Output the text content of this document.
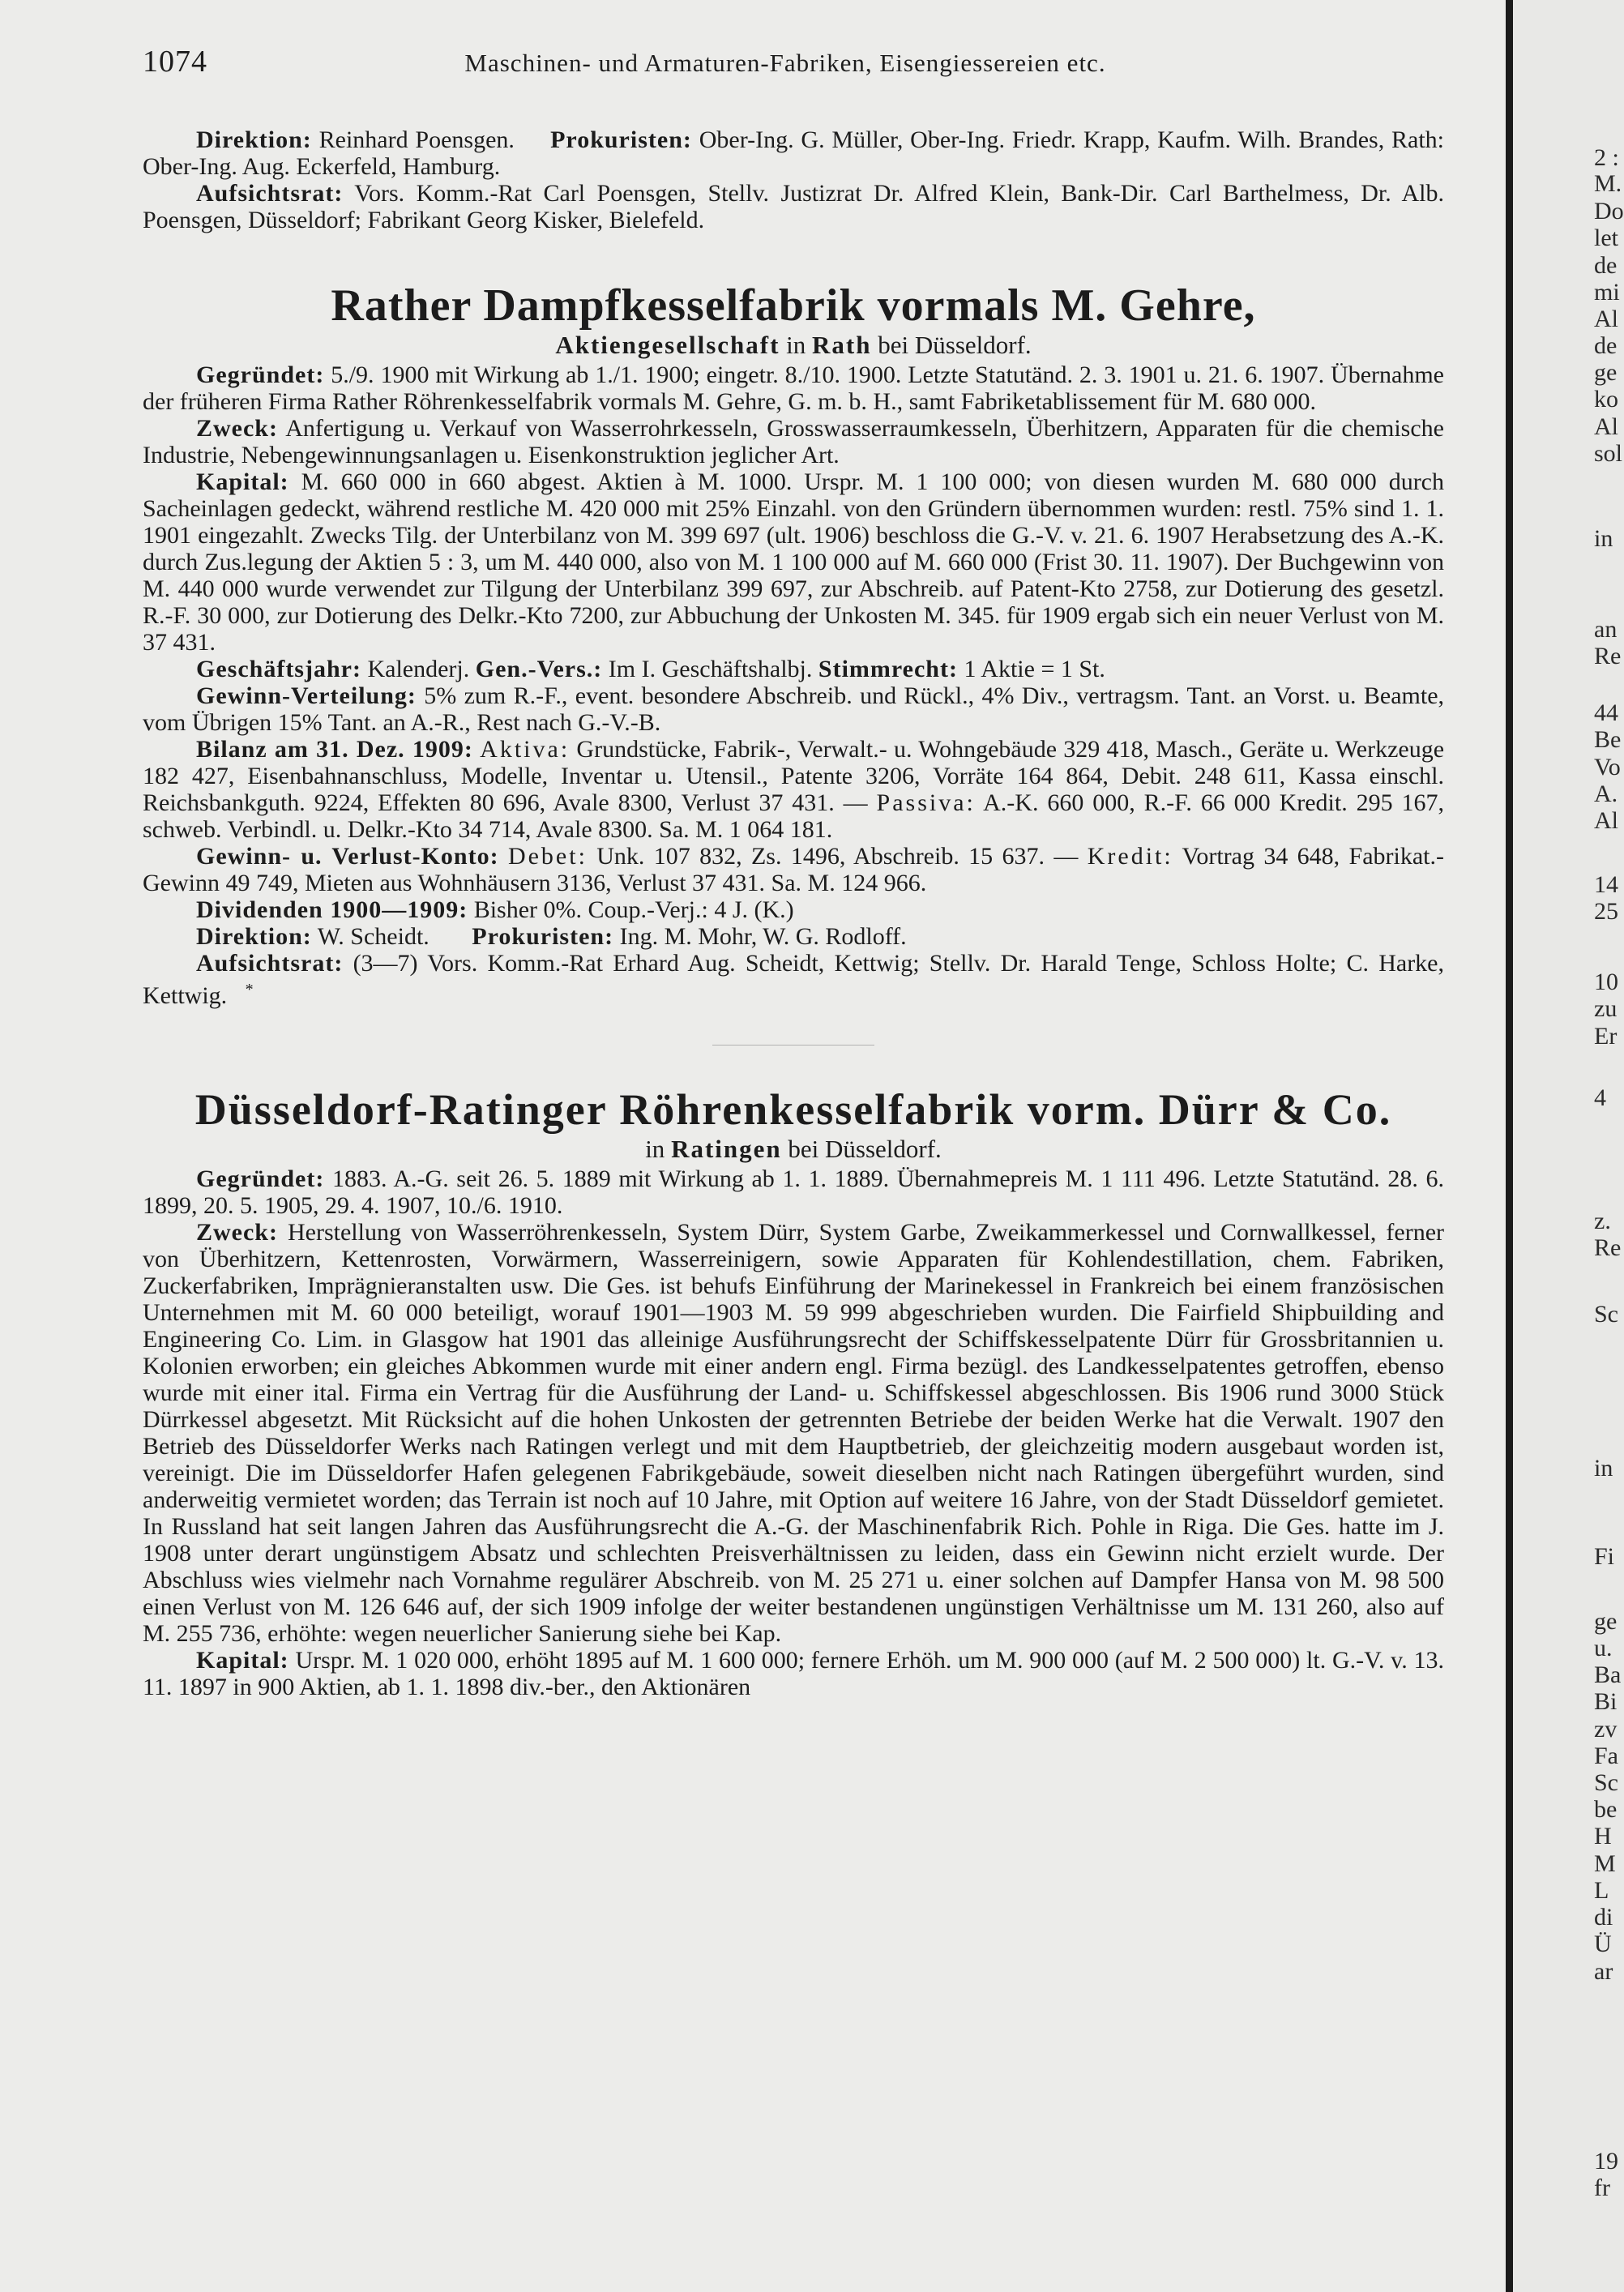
1074	Maschinen- und Armaturen-Fabriken, Eisengiessereien etc.

Direktion: Reinhard Poensgen. Prokuristen: Ober-Ing. G. Müller, Ober-Ing. Friedr. Krapp, Kaufm. Wilh. Brandes, Rath: Ober-Ing. Aug. Eckerfeld, Hamburg.

Aufsichtsrat: Vors. Komm.-Rat Carl Poensgen, Stellv. Justizrat Dr. Alfred Klein, Bank-Dir. Carl Barthelmess, Dr. Alb. Poensgen, Düsseldorf; Fabrikant Georg Kisker, Bielefeld.

Rather Dampfkesselfabrik vormals M. Gehre,
Aktiengesellschaft in Rath bei Düsseldorf.

Gegründet: 5./9. 1900 mit Wirkung ab 1./1. 1900; eingetr. 8./10. 1900. Letzte Statutänd. 2. 3. 1901 u. 21. 6. 1907. Übernahme der früheren Firma Rather Röhrenkesselfabrik vormals M. Gehre, G. m. b. H., samt Fabriketablissement für M. 680 000.

Zweck: Anfertigung u. Verkauf von Wasserrohrkesseln, Grosswasserraumkesseln, Überhitzern, Apparaten für die chemische Industrie, Nebengewinnungsanlagen u. Eisenkonstruktion jeglicher Art.

Kapital: M. 660 000 in 660 abgest. Aktien à M. 1000. Urspr. M. 1 100 000; von diesen wurden M. 680 000 durch Sacheinlagen gedeckt, während restliche M. 420 000 mit 25% Einzahl. von den Gründern übernommen wurden: restl. 75% sind 1. 1. 1901 eingezahlt. Zwecks Tilg. der Unterbilanz von M. 399 697 (ult. 1906) beschloss die G.-V. v. 21. 6. 1907 Herabsetzung des A.-K. durch Zus.legung der Aktien 5 : 3, um M. 440 000, also von M. 1 100 000 auf M. 660 000 (Frist 30. 11. 1907). Der Buchgewinn von M. 440 000 wurde verwendet zur Tilgung der Unterbilanz 399 697, zur Abschreib. auf Patent-Kto 2758, zur Dotierung des gesetzl. R.-F. 30 000, zur Dotierung des Delkr.-Kto 7200, zur Abbuchung der Unkosten M. 345. für 1909 ergab sich ein neuer Verlust von M. 37 431.

Geschäftsjahr: Kalenderj. Gen.-Vers.: Im I. Geschäftshalbj. Stimmrecht: 1 Aktie = 1 St.

Gewinn-Verteilung: 5% zum R.-F., event. besondere Abschreib. und Rückl., 4% Div., vertragsm. Tant. an Vorst. u. Beamte, vom Übrigen 15% Tant. an A.-R., Rest nach G.-V.-B.

Bilanz am 31. Dez. 1909: Aktiva: Grundstücke, Fabrik-, Verwalt.- u. Wohngebäude 329 418, Masch., Geräte u. Werkzeuge 182 427, Eisenbahnanschluss, Modelle, Inventar u. Utensil., Patente 3206, Vorräte 164 864, Debit. 248 611, Kassa einschl. Reichsbankguth. 9224, Effekten 80 696, Avale 8300, Verlust 37 431. — Passiva: A.-K. 660 000, R.-F. 66 000 Kredit. 295 167, schweb. Verbindl. u. Delkr.-Kto 34 714, Avale 8300. Sa. M. 1 064 181.

Gewinn- u. Verlust-Konto: Debet: Unk. 107 832, Zs. 1496, Abschreib. 15 637. — Kredit: Vortrag 34 648, Fabrikat.-Gewinn 49 749, Mieten aus Wohnhäusern 3136, Verlust 37 431. Sa. M. 124 966.

Dividenden 1900—1909: Bisher 0%. Coup.-Verj.: 4 J. (K.)

Direktion: W. Scheidt. Prokuristen: Ing. M. Mohr, W. G. Rodloff.

Aufsichtsrat: (3—7) Vors. Komm.-Rat Erhard Aug. Scheidt, Kettwig; Stellv. Dr. Harald Tenge, Schloss Holte; C. Harke, Kettwig. *

Düsseldorf-Ratinger Röhrenkesselfabrik vorm. Dürr & Co.
in Ratingen bei Düsseldorf.

Gegründet: 1883. A.-G. seit 26. 5. 1889 mit Wirkung ab 1. 1. 1889. Übernahmepreis M. 1 111 496. Letzte Statutänd. 28. 6. 1899, 20. 5. 1905, 29. 4. 1907, 10./6. 1910.

Zweck: Herstellung von Wasserröhrenkesseln, System Dürr, System Garbe, Zweikammerkessel und Cornwallkessel, ferner von Überhitzern, Kettenrosten, Vorwärmern, Wasserreinigern, sowie Apparaten für Kohlendestillation, chem. Fabriken, Zuckerfabriken, Imprägnieranstalten usw. Die Ges. ist behufs Einführung der Marinekessel in Frankreich bei einem französischen Unternehmen mit M. 60 000 beteiligt, worauf 1901—1903 M. 59 999 abgeschrieben wurden. Die Fairfield Shipbuilding and Engineering Co. Lim. in Glasgow hat 1901 das alleinige Ausführungsrecht der Schiffskesselpatente Dürr für Grossbritannien u. Kolonien erworben; ein gleiches Abkommen wurde mit einer andern engl. Firma bezügl. des Landkesselpatentes getroffen, ebenso wurde mit einer ital. Firma ein Vertrag für die Ausführung der Land- u. Schiffskessel abgeschlossen. Bis 1906 rund 3000 Stück Dürrkessel abgesetzt. Mit Rücksicht auf die hohen Unkosten der getrennten Betriebe der beiden Werke hat die Verwalt. 1907 den Betrieb des Düsseldorfer Werks nach Ratingen verlegt und mit dem Hauptbetrieb, der gleichzeitig modern ausgebaut worden ist, vereinigt. Die im Düsseldorfer Hafen gelegenen Fabrikgebäude, soweit dieselben nicht nach Ratingen übergeführt wurden, sind anderweitig vermietet worden; das Terrain ist noch auf 10 Jahre, mit Option auf weitere 16 Jahre, von der Stadt Düsseldorf gemietet. In Russland hat seit langen Jahren das Ausführungsrecht die A.-G. der Maschinenfabrik Rich. Pohle in Riga. Die Ges. hatte im J. 1908 unter derart ungünstigem Absatz und schlechten Preisverhältnissen zu leiden, dass ein Gewinn nicht erzielt wurde. Der Abschluss wies vielmehr nach Vornahme regulärer Abschreib. von M. 25 271 u. einer solchen auf Dampfer Hansa von M. 98 500 einen Verlust von M. 126 646 auf, der sich 1909 infolge der weiter bestandenen ungünstigen Verhältnisse um M. 131 260, also auf M. 255 736, erhöhte: wegen neuerlicher Sanierung siehe bei Kap.

Kapital: Urspr. M. 1 020 000, erhöht 1895 auf M. 1 600 000; fernere Erhöh. um M. 900 000 (auf M. 2 500 000) lt. G.-V. v. 13. 11. 1897 in 900 Aktien, ab 1. 1. 1898 div.-ber., den Aktionären

2 :
M.
Do
let
de
mi
Al
de
ge
ko
Al
sol
in
an
Re
44
Be
Vo
A.
Al
14
25
10
zu
Er
4
z.
Re
Sc
in
Fi
ge
u.
Ba
Bi
zv
Fa
Sc
be
H
M
L
di
Ü
ar
19
fr
